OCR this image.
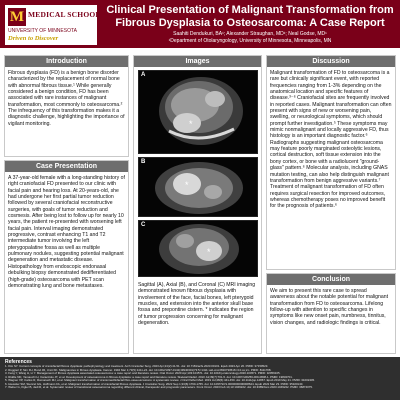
M MEDICAL SCHOOL
UNIVERSITY OF MINNESOTA
Driven to Discover
Clinical Presentation of Malignant Transformation from Fibrous Dysplasia to Osteosarcoma: A Case Report
Saahiti Dendukuri, BA¹; Alexander Straughan, MD¹; Neal Godse, MD¹
¹Department of Otolaryngology, University of Minnesota, Minneapolis, MN
Introduction
Fibrous dysplasia (FD) is a benign bone disorder characterized by the replacement of normal bone with abnormal fibrous tissue.¹ While generally considered a benign condition, FD has been associated with rare instances of malignant transformation, most commonly to osteosarcoma.² The infrequency of this transformation makes it a diagnostic challenge, highlighting the importance of vigilant monitoring.
Case Presentation
A 37-year-old female with a long-standing history of right craniofacial FD presented to our clinic with facial pain and hearing loss. At 20-years-old, she had undergone her first partial tumor reduction followed by several craniofacial reconstructive surgeries, with goals of tumor reduction and cosmesis. After being lost to follow up for nearly 10 years, the patient re-presented with worsening left facial pain. Interval imaging demonstrated progressive, contrast enhancing T1 and T2 intermediate tumor involving the left pterygopalatine fossa as well as multiple pulmonary nodules, suggesting potential malignant degeneration and metastatic disease. Histopathology from endoscopic endonasal debulking biopsy demonstrated dedifferentiated (high-grade) osteosarcoma with PET scan demonstrating lung and bone metastases.
Images
*
A
*
B
*
C
Sagittal (A), Axial (B), and Coronal (C) MRI imaging demonstrated known fibrous dysplasia with involvement of the face, facial bones, left pterygoid muscles, and extension into the anterior skull base fossa and prepontine cistern. * indicates the region of tumor progression concerning for malignant degeneration.
Discussion
Malignant transformation of FD to osteosarcoma is a rare but clinically significant event, with reported frequencies ranging from 1-3% depending on the anatomical location and specific features of disease.³⁻⁶ Craniofacial sites are frequently involved in reported cases. Malignant transformation can often present with signs of new or worsening pain, swelling, or neurological symptoms, which should prompt further investigation.⁵ These symptoms may mimic nonmalignant and locally aggressive FD, thus histology is an important diagnostic factor.⁶ Radiographs suggesting malignant osteosarcoma may feature poorly marginated osteolytic lesions, cortical destruction, soft tissue extension into the bony cortex, or bone with a radiolucent "ground-glass" pattern.⁶ Molecular analysis, including GNAS mutation testing, can also help distinguish malignant transformation from benign aggressive variants.⁷ Treatment of malignant transformation of FD often requires surgical resection for improved outcomes, whereas chemotherapy poses no improved benefit for the prognosis of patients.⁶
Conclusion
We aim to present this rare case to spread awareness about the notable potential for malignant transformation from FD to osteosarcoma. Lifelong follow-up with attention to specific changes in symptoms like new onset pain, numbness, tinnitus, vision changes, and radiologic findings is critical.
References
1. Kim SY. Current concepts of craniofacial fibrous dysplasia: pathophysiology and treatment. Arch Craniofac Surg. 2023 Apr;24(2):41-51. doi: 10.7181/acfs.2023.00101. Epub 2023 Apr 20. PMID: 37150523.
2. Ruggieri P, Sim FH, Bond JR, Unni KK. Malignancies in fibrous dysplasia. Cancer. 1994 Mar 1;73(5):1411-24. doi: 10.1002/1097-0142(19940301)73:5<1411::aid-cncr2820730516>3.0.co;2-t. PMID: 8111708.
3. Feng Y, Wang H, Li Y. Management of fibrous dysplasia associated osteosarcoma: a case report and literature review. Oral Oncol. 2020 Apr;103:104571. doi: 10.1016/j.oraloncology.2020.104571. PMID: 32059165.
4. Riddle ND, Yamauchi H, Caracciolo JT, et al. Development of osteosarcoma in fibrous dysplasia: a case report and literature review. Skeletal Radiol. 2010 Jul;39(7):701-5. doi: 10.1007/s00256-009-0808-1. PMID: 19834701.
5. Wagner VP, Carlos R, Romanach MJ, et al. Malignant transformation of craniomaxillofacial fibro-osseous lesions: A systematic review. J Oral Pathol Med. 2019 Jul;48(6):441-450. doi: 10.1111/jop.12867. Epub 2019 May 21. PMID: 31002445.
6. Haussler SM, Stenzel GG, Hoffmann FA, et al. Malignant transformation of craniofacial fibrous dysplasia. J Craniofac Surg. 2022 Sep 1;33(6):1760-1765. doi: 10.1097/SCS.0000000000008624. Epub 2022 Mar 23. PMID: 35320140.
7. Weber G, Kigler B, Jadi R, et al. Systematic review of transitional osteosarcoma regarding different clinical, therapeutic and prognostic parameters. Front Oncol. 2023 Feb 14;13:1049222. doi: 10.3389/fonc.2023.1049222. PMID: 36874075.
